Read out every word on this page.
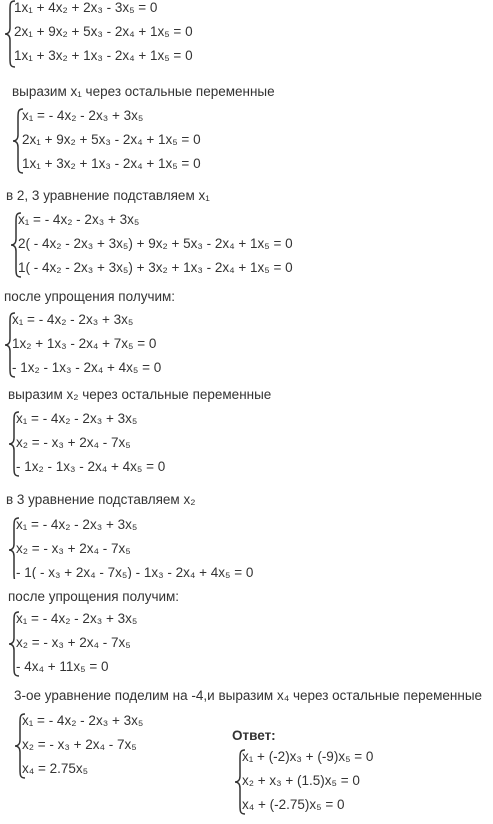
1x₁ + 4x₂ + 2x₃ - 3x₅ = 0
2x₁ + 9x₂ + 5x₃ - 2x₄ + 1x₅ = 0
1x₁ + 3x₂ + 1x₃ - 2x₄ + 1x₅ = 0
выразим x₁ через остальные переменные
x₁ = - 4x₂ - 2x₃ + 3x₅
2x₁ + 9x₂ + 5x₃ - 2x₄ + 1x₅ = 0
1x₁ + 3x₂ + 1x₃ - 2x₄ + 1x₅ = 0
в 2, 3 уравнение подставляем x₁
x₁ = - 4x₂ - 2x₃ + 3x₅
2( - 4x₂ - 2x₃ + 3x₅) + 9x₂ + 5x₃ - 2x₄ + 1x₅ = 0
1( - 4x₂ - 2x₃ + 3x₅) + 3x₂ + 1x₃ - 2x₄ + 1x₅ = 0
после упрощения получим:
x₁ = - 4x₂ - 2x₃ + 3x₅
1x₂ + 1x₃ - 2x₄ + 7x₅ = 0
- 1x₂ - 1x₃ - 2x₄ + 4x₅ = 0
выразим x₂ через остальные переменные
x₁ = - 4x₂ - 2x₃ + 3x₅
x₂ = - x₃ + 2x₄ - 7x₅
- 1x₂ - 1x₃ - 2x₄ + 4x₅ = 0
в 3 уравнение подставляем x₂
x₁ = - 4x₂ - 2x₃ + 3x₅
x₂ = - x₃ + 2x₄ - 7x₅
- 1( - x₃ + 2x₄ - 7x₅) - 1x₃ - 2x₄ + 4x₅ = 0
после упрощения получим:
x₁ = - 4x₂ - 2x₃ + 3x₅
x₂ = - x₃ + 2x₄ - 7x₅
- 4x₄ + 11x₅ = 0
3-ое уравнение поделим на -4,и выразим x₄ через остальные переменные
x₁ = - 4x₂ - 2x₃ + 3x₅
x₂ = - x₃ + 2x₄ - 7x₅
x₄ = 2.75x₅
Ответ:
x₁ + (-2)x₃ + (-9)x₅ = 0
x₂ + x₃ + (1.5)x₅ = 0
x₄ + (-2.75)x₅ = 0
